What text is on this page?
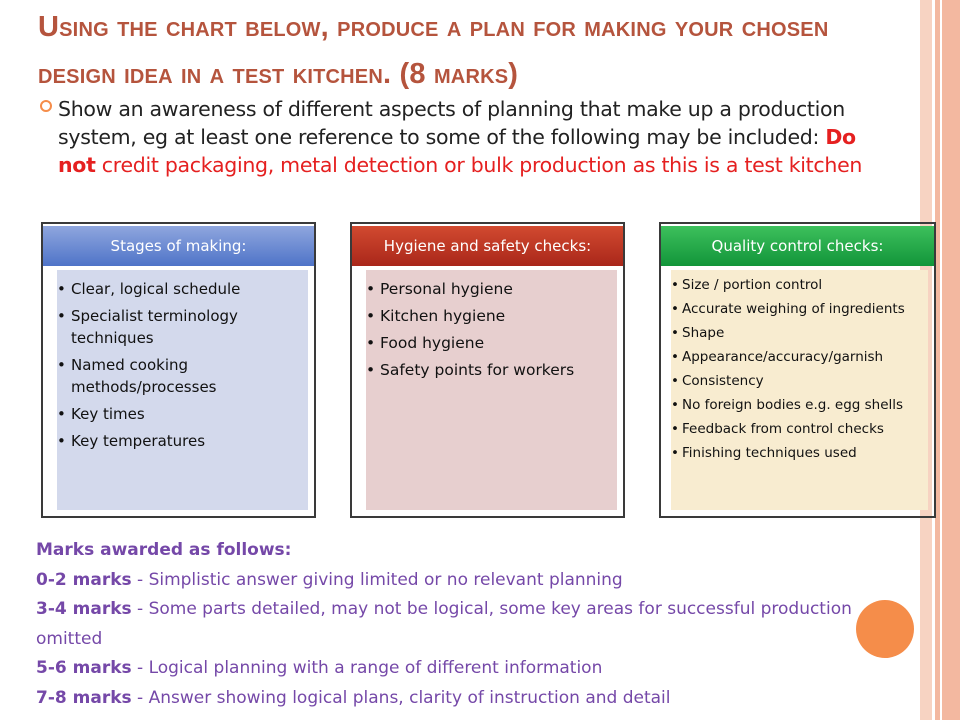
Using the chart below, produce a plan for making your chosen design idea in a test kitchen. (8 marks)
Show an awareness of different aspects of planning that make up a production system, eg at least one reference to some of the following may be included: Do not credit packaging, metal detection or bulk production as this is a test kitchen
• Clear, logical schedule
• Specialist terminology techniques
• Named cooking methods/processes
• Key times
• Key temperatures
Stages of making:
• Personal hygiene
• Kitchen hygiene
• Food hygiene
• Safety points for workers
Hygiene and safety checks:
• Size / portion control
• Accurate weighing of ingredients
• Shape
• Appearance/accuracy/garnish
• Consistency
• No foreign bodies e.g. egg shells
• Feedback from control checks
• Finishing techniques used
Quality control checks:
Marks awarded as follows:
0-2 marks - Simplistic answer giving limited or no relevant planning
3-4 marks - Some parts detailed, may not be logical, some key areas for successful production omitted
5-6 marks - Logical planning with a range of different information
7-8 marks - Answer showing logical plans, clarity of instruction and detail
